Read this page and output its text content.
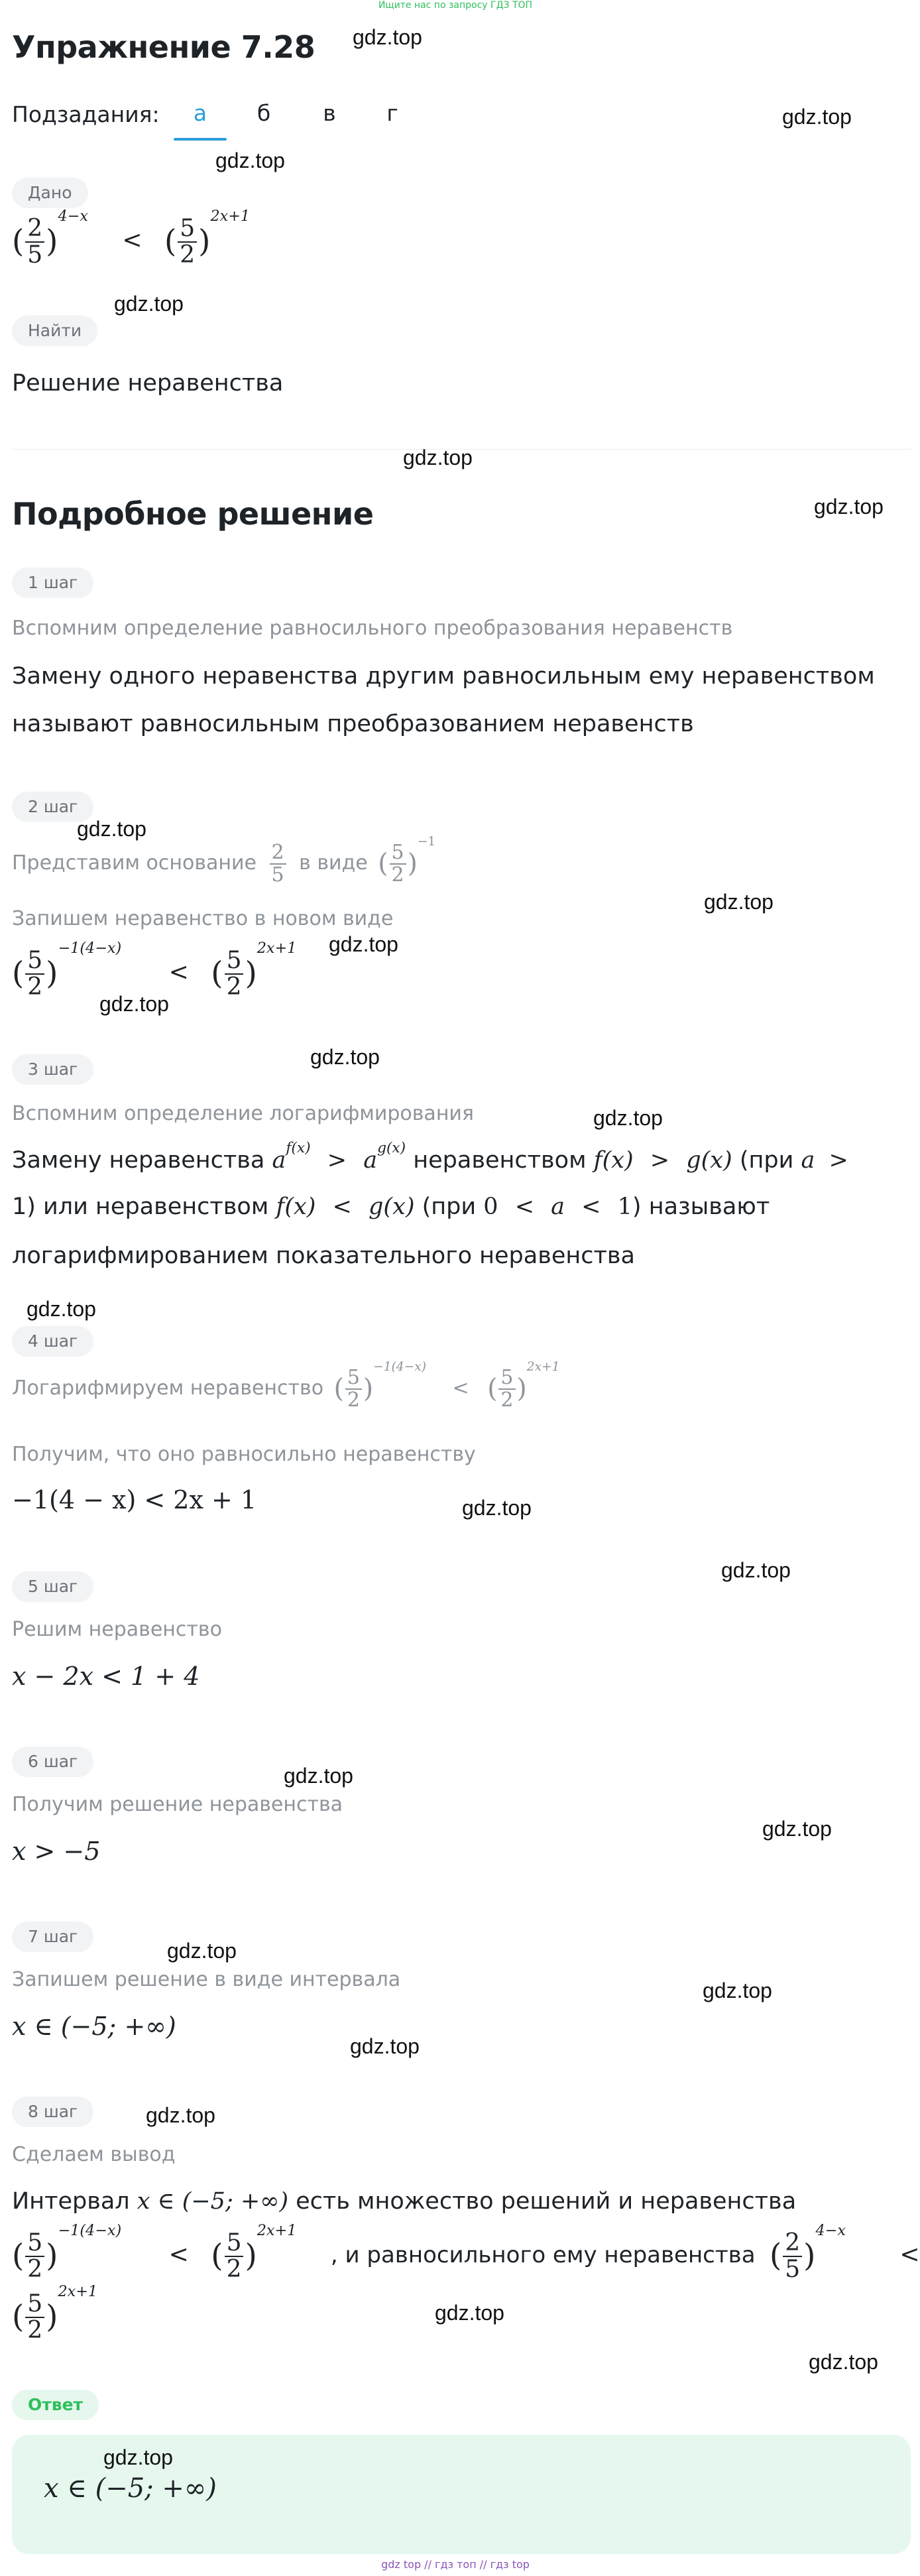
Ищите нас по запросу ГДЗ ТОП
Упражнение 7.28 gdz.top
Подзадания:	а	б	в	г	gdz.top
gdz.top
Дано
( $\frac{2}{5} )^{4-x}$ < ( $\frac{5}{2} )^{2x+1}$
gdz.top
Найти
Решение неравенства
gdz.top
Подробное решение	gdz.top
1 шаг
Вспомним определение равносильного преобразования неравенств
Замену одного неравенства другим равносильным ему неравенством
называют равносильным преобразованием неравенств
2 шаг
gdz.top
Представим основание $\frac{2}{5}$ в виде ( $\frac{5}{2} )^{-1}$
Запишем неравенство в новом виде
gdz.top
gdz.top
( $\frac{5}{2} )^{-1(4-x)}$ < ( $\frac{5}{2} )^{2x+1}$
gdz.top
gdz.top
3 шаг
Вспомним определение логарифмирования	gdz.top
Замену неравенства $a^{f(x)} > a^{g(x)}$ неравенством f(x) > g(x) (при a >
1) или неравенством f(x) < g(x) (при 0 < a < 1) называют
логарифмированием показательного неравенства
gdz.top
4 шаг
Логарифмируем неравенство ( $\frac{5}{2} )^{-1(4-x)}$ < ( $\frac{5}{2} )^{2x+1}$
Получим, что оно равносильно неравенству
−1(4 − x) < 2x + 1	gdz.top
gdz.top
5 шаг
Решим неравенство
x − 2x < 1 + 4
6 шаг
gdz.top
Получим решение неравенства
gdz.top
x > −5
7 шаг
gdz.top
Запишем решение в виде интервала	gdz.top
x ∈ (−5; +∞)
gdz.top
8 шаг	gdz.top
Сделаем вывод
Интервал x ∈ (−5; +∞) есть множество решений и неравенства
( $\frac{5}{2} )^{-1(4-x)}$ < ( $\frac{5}{2} )^{2x+1}$ , и равносильного ему неравенства ( $\frac{2}{5} )^{4-x}$ <
( $\frac{5}{2} )^{2x+1}$
gdz.top
gdz.top
Ответ
gdz.top
x ∈ (−5; +∞)
gdz top // гдз топ // гдз top
